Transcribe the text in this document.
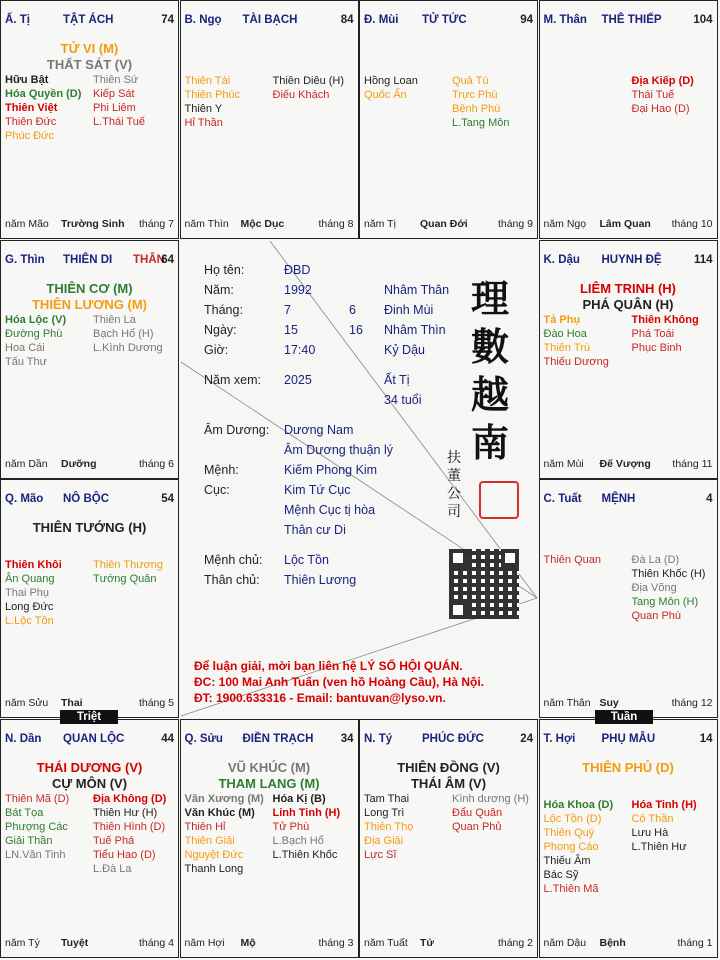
Ấ. Tị	TẬT ÁCH	74
TỬ VI (M)
THẤT SÁT (V)
Hữu Bật
Hóa Quyền (D)
Thiên Việt
Thiên Đức
Phúc Đức
Thiên Sứ
Kiếp Sát
Phi Liêm
L.Thái Tuế
năm Mão Trường Sinh tháng 7
B. Ngọ TÀI BẠCH	84
Thiên Tài
Thiên Phúc
Thiên Y
Hỉ Thần
Thiên Diêu (H)
Điếu Khách
năm Thìn Mộc Dục	tháng 8
Đ. Mùi TỬ TỨC	94
Hồng Loan
Quốc Ấn
Quả Tú
Trực Phù
Bệnh Phù
L.Tang Môn
năm Tị Quan Đới	tháng 9
M. Thân THÊ THIẾP	104
Địa Kiếp (D)
Thái Tuế
Đại Hao (D)
năm Ngọ Lâm Quan tháng 10
G. Thìn THIÊN DI THÂN
64
THIÊN CƠ (M)
THIÊN LƯƠNG (M)
Hóa Lộc (V)
Đường Phù
Hoa Cái
Tấu Thư
Thiên La
Bạch Hổ (H)
L.Kình Dương
năm Dần Dưỡng	tháng 6
K. Dậu HUYNH ĐỆ	114
LIÊM TRINH (H)
PHÁ QUÂN (H)
Tả Phụ
Đào Hoa
Thiên Trù
Thiếu Dương
Thiên Không
Phá Toái
Phục Binh
năm Mùi Đế Vượng tháng 11
Q. Mão NÔ BỘC	54
THIÊN TƯỚNG (H)
Thiên Khôi
Ân Quang
Thai Phụ
Long Đức
L.Lộc Tồn
Thiên Thương
Tướng Quân
năm Sửu Thai	tháng 5
C. Tuất MỆNH	4
Thiên Quan	Đà La (D)
Thiên Khốc (H)
Địa Võng
Tang Môn (H)
Quan Phù
năm Thân Suy	tháng 12
N. Dần QUAN LỘC	44
THÁI DƯƠNG (V)
CỰ MÔN (V)
Thiên Mã (D)
Bát Tọa
Phượng Các
Giải Thần
LN.Văn Tinh
Địa Không (D)
Thiên Hư (H)
Thiên Hình (D)
Tuế Phá
Tiểu Hao (D)
L.Đà La
năm Tý Tuyệt	tháng 4
Q. Sửu ĐIỀN TRẠCH 34
VŨ KHÚC (M)
THAM LANG (M)
Văn Xương (M)
Văn Khúc (M)
Thiên Hỉ
Thiên Giải
Nguyệt Đức
Thanh Long
Hóa Kị (B)
Linh Tinh (H)
Tử Phù
L.Bạch Hổ
L.Thiên Khốc
năm Hợi Mộ	tháng 3
N. Tý	PHÚC ĐỨC	24
THIÊN ĐỒNG (V)
THÁI ÂM (V)
Tam Thai
Long Trì
Thiên Thọ
Địa Giải
Lực Sĩ
Kình dương (H)
Đẩu Quân
Quan Phủ
năm Tuất Tử	tháng 2
T. Hợi PHỤ MẪU	14
THIÊN PHỦ (D)
Hóa Khoa (D)
Lộc Tồn (D)
Thiên Quý
Phong Cáo
Thiếu Âm
Bác Sỹ
L.Thiên Mã
Hóa Tinh (H)
Cô Thần
Lưu Hà
L.Thiên Hư
năm Dậu Bệnh	tháng 1
Họ tên:	ĐBD
Năm:	1992	Nhâm Thân
Tháng:	7	6 Đinh Mùi
Ngày:	15	16 Nhâm Thìn
Giờ:	17:40	Kỷ Dậu
Năm xem: 2025	Ất Tị
34 tuổi
Âm Dương: Dương Nam
Âm Dương thuận lý
Mệnh:	Kiếm Phong Kim
Cục:	Kim Tứ Cục
Mệnh Cục tị hòa
Thân cư Di
Mệnh chủ: Lộc Tồn
Thân chủ: Thiên Lương
理數越南
扶董公司
Để luận giải, mời bạn liên hệ LÝ SỐ HỘI QUÁN.
ĐC: 100 Mai Anh Tuấn (ven hồ Hoàng Cầu), Hà Nội.
ĐT: 1900.633316 - Email: bantuvan@lyso.vn.
Triệt	Tuần
